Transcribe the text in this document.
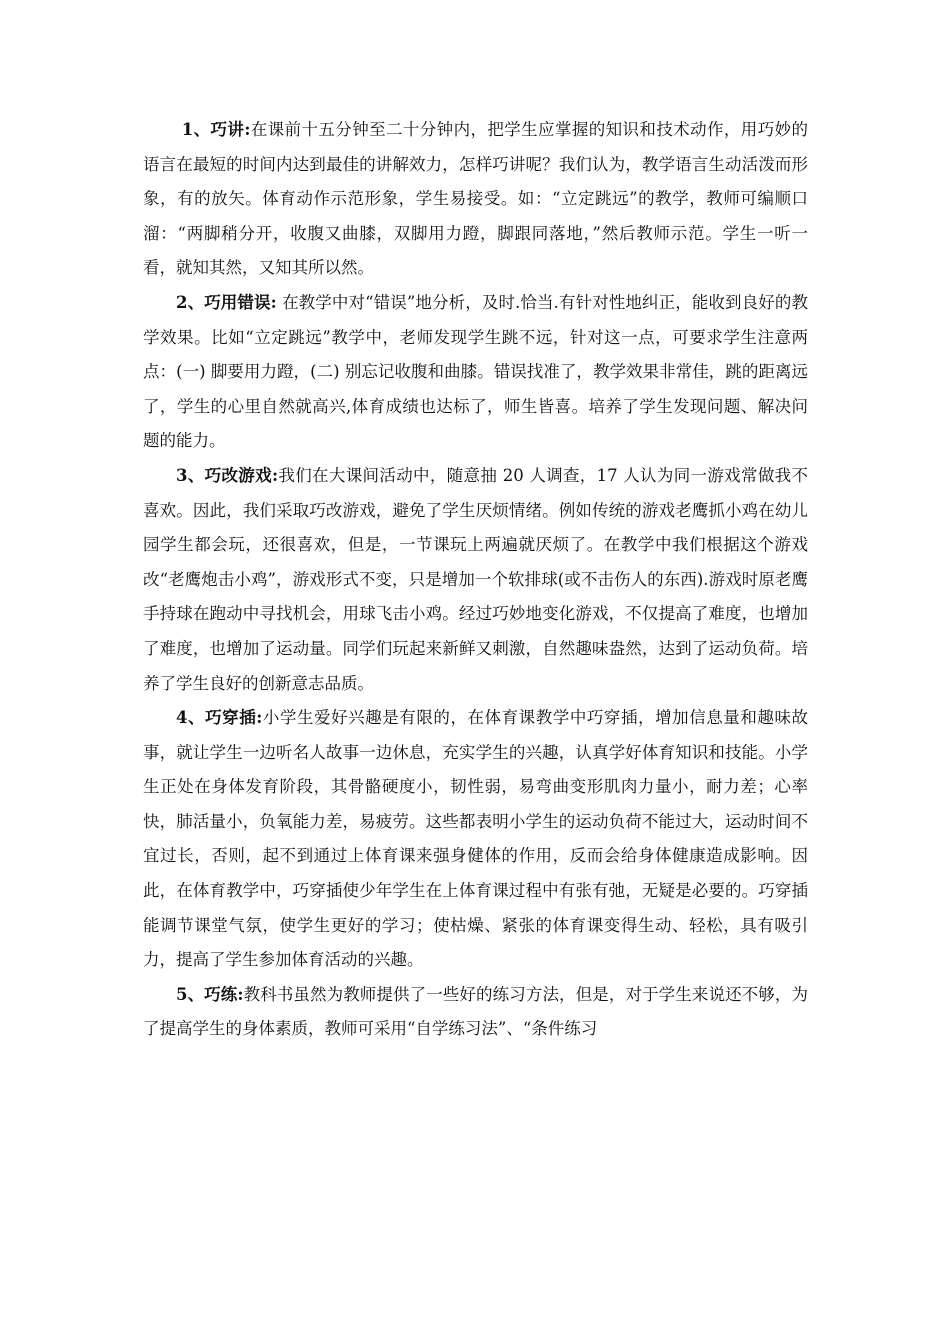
1、巧讲:在课前十五分钟至二十分钟内，把学生应掌握的知识和技术动作，用巧妙的语言在最短的时间内达到最佳的讲解效力，怎样巧讲呢？我们认为，教学语言生动活泼而形象，有的放矢。体育动作示范形象，学生易接受。如：“立定跳远”的教学，教师可编顺口溜：“两脚稍分开，收腹又曲膝，双脚用力蹬，脚跟同落地，”然后教师示范。学生一听一看，就知其然，又知其所以然。

2、巧用错误: 在教学中对“错误”地分析，及时.恰当.有针对性地纠正，能收到良好的教学效果。比如“立定跳远”教学中，老师发现学生跳不远，针对这一点，可要求学生注意两点：(一) 脚要用力蹬，(二) 别忘记收腹和曲膝。错误找准了，教学效果非常佳，跳的距离远了，学生的心里自然就高兴,体育成绩也达标了，师生皆喜。培养了学生发现问题、解决问题的能力。

3、巧改游戏:我们在大课间活动中，随意抽 20 人调查，17 人认为同一游戏常做我不喜欢。因此，我们采取巧改游戏，避免了学生厌烦情绪。例如传统的游戏老鹰抓小鸡在幼儿园学生都会玩，还很喜欢，但是，一节课玩上两遍就厌烦了。在教学中我们根据这个游戏改“老鹰炮击小鸡”，游戏形式不变，只是增加一个软排球(或不击伤人的东西).游戏时原老鹰手持球在跑动中寻找机会，用球飞击小鸡。经过巧妙地变化游戏，不仅提高了难度，也增加了难度，也增加了运动量。同学们玩起来新鲜又刺激，自然趣味盎然，达到了运动负荷。培养了学生良好的创新意志品质。

4、巧穿插:小学生爱好兴趣是有限的，在体育课教学中巧穿插，增加信息量和趣味故事，就让学生一边听名人故事一边休息，充实学生的兴趣，认真学好体育知识和技能。小学生正处在身体发育阶段，其骨骼硬度小，韧性弱，易弯曲变形肌肉力量小，耐力差；心率快，肺活量小，负氧能力差，易疲劳。这些都表明小学生的运动负荷不能过大，运动时间不宜过长，否则，起不到通过上体育课来强身健体的作用，反而会给身体健康造成影响。因此，在体育教学中，巧穿插使少年学生在上体育课过程中有张有弛，无疑是必要的。巧穿插能调节课堂气氛，使学生更好的学习；使枯燥、紧张的体育课变得生动、轻松，具有吸引力，提高了学生参加体育活动的兴趣。

5、巧练:教科书虽然为教师提供了一些好的练习方法，但是，对于学生来说还不够，为了提高学生的身体素质，教师可采用“自学练习法”、“条件练习
